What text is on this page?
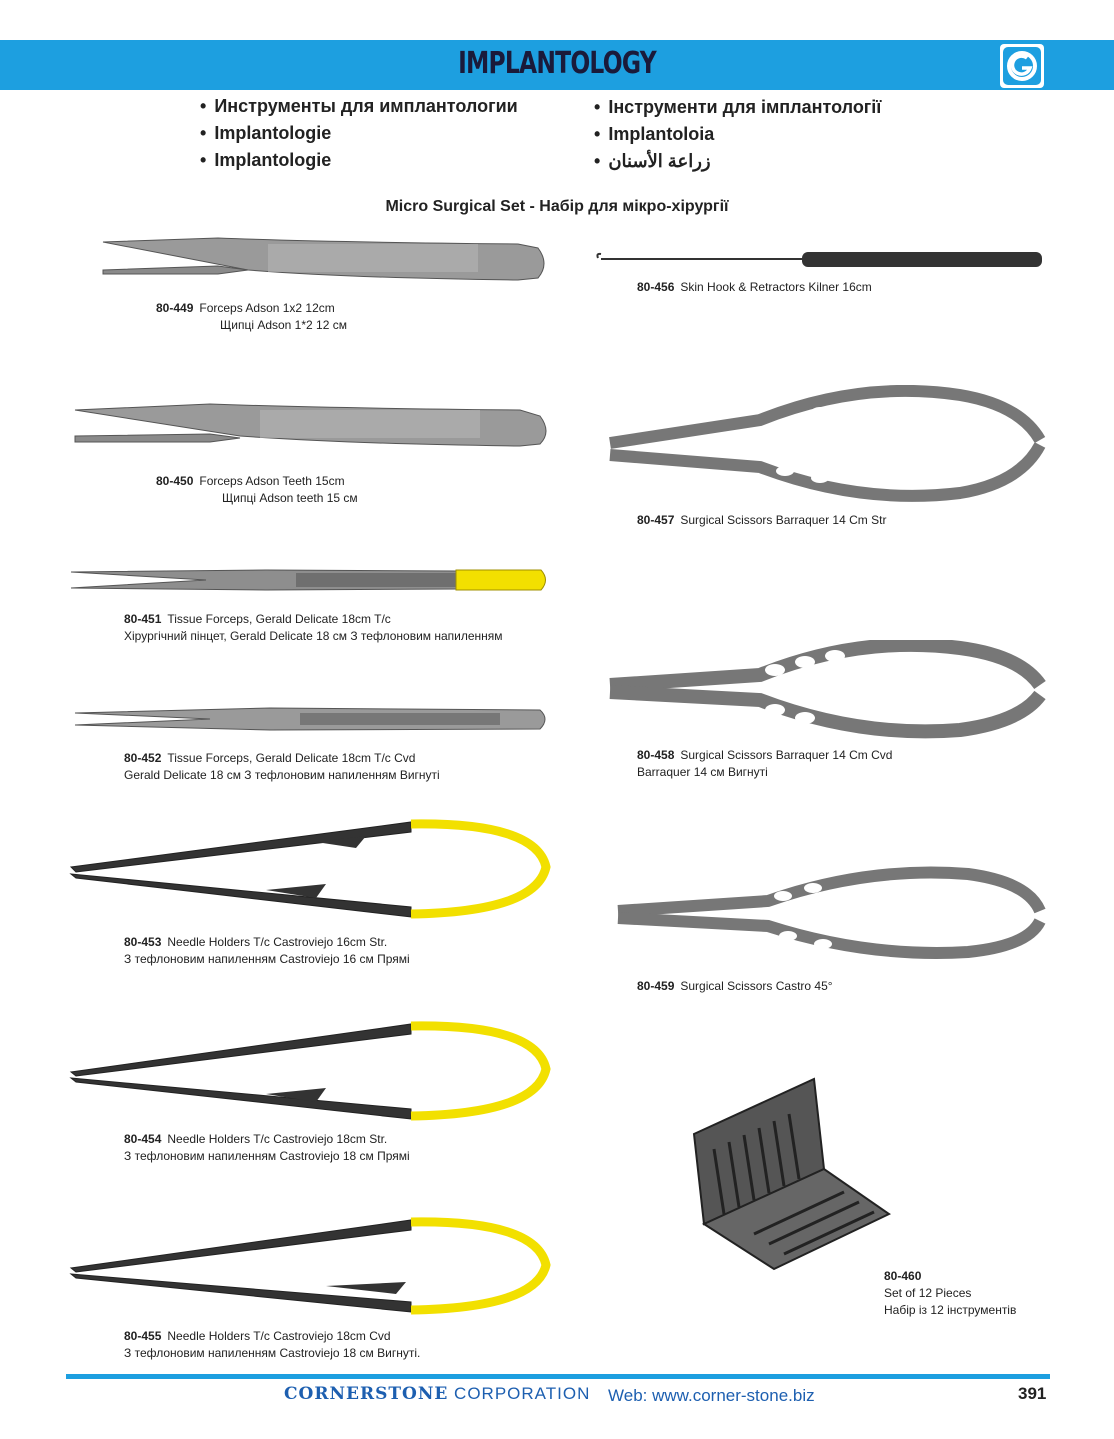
IMPLANTOLOGY
• Инструменты для имплантологии
• Implantologie
• Implantologie
• Інструменти для імплантології
• Implantoloia
• زراعة الأسنان
Micro Surgical Set - Набір для мікро-хірургії
80-449 Forceps Adson 1x2 12cm
Щипці Adson 1*2 12 см
80-450 Forceps Adson Teeth 15cm
Щипці Adson teeth 15 см
80-451 Tissue Forceps, Gerald Delicate 18cm T/c
Хірургічний пінцет, Gerald Delicate 18 см З тефлоновим напиленням
80-452 Tissue Forceps, Gerald Delicate 18cm T/c Cvd
Gerald Delicate 18 см З тефлоновим напиленням Вигнуті
80-453 Needle Holders T/c Castroviejo 16cm Str.
З тефлоновим напиленням Castroviejo 16 см Прямі
80-454 Needle Holders T/c Castroviejo 18cm Str.
З тефлоновим напиленням Castroviejo 18 см Прямі
80-455 Needle Holders T/c Castroviejo 18cm Cvd
З тефлоновим напиленням Castroviejo 18 см Вигнуті.
80-456 Skin Hook & Retractors Kilner 16cm
80-457 Surgical Scissors Barraquer 14 Cm Str
80-458 Surgical Scissors Barraquer 14 Cm Cvd
Barraquer 14 см Вигнуті
80-459 Surgical Scissors Castro 45°
80-460
Set of 12 Pieces
Набір із 12 інструментів
CORNERSTONE CORPORATION Web: www.corner-stone.biz	391
